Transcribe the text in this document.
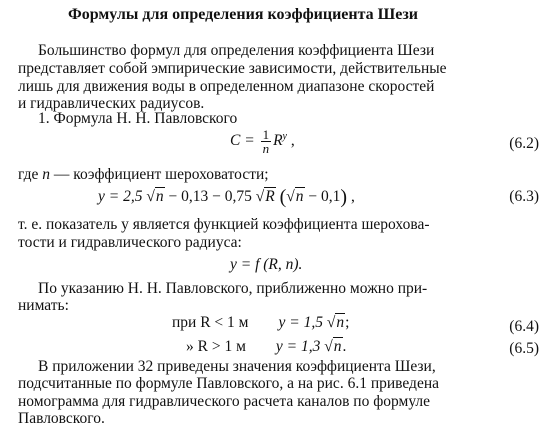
Формулы для определения коэффициента Шези
Большинство формул для определения коэффициента Шези
представляет собой эмпирические зависимости, действительные
лишь для движения воды в определенном диапазоне скоростей
и гидравлических радиусов.
1. Формула Н. Н. Павловского
$C = \frac{1}{n} R^y$ ,	(6.2)
где n — коэффициент шероховатости;
y = 2,5 √n − 0,13 − 0,75 √R (√n − 0,1) ,	(6.3)
т. е. показатель y является функцией коэффициента шерохова-
тости и гидравлического радиуса:
y = f (R, n).
По указанию Н. Н. Павловского, приближенно можно при-
нимать:
при R < 1 м y = 1,5 √n;	(6.4)
» R > 1 м y = 1,3 √n.	(6.5)
В приложении 32 приведены значения коэффициента Шези,
подсчитанные по формуле Павловского, а на рис. 6.1 приведена
номограмма для гидравлического расчета каналов по формуле
Павловского.
